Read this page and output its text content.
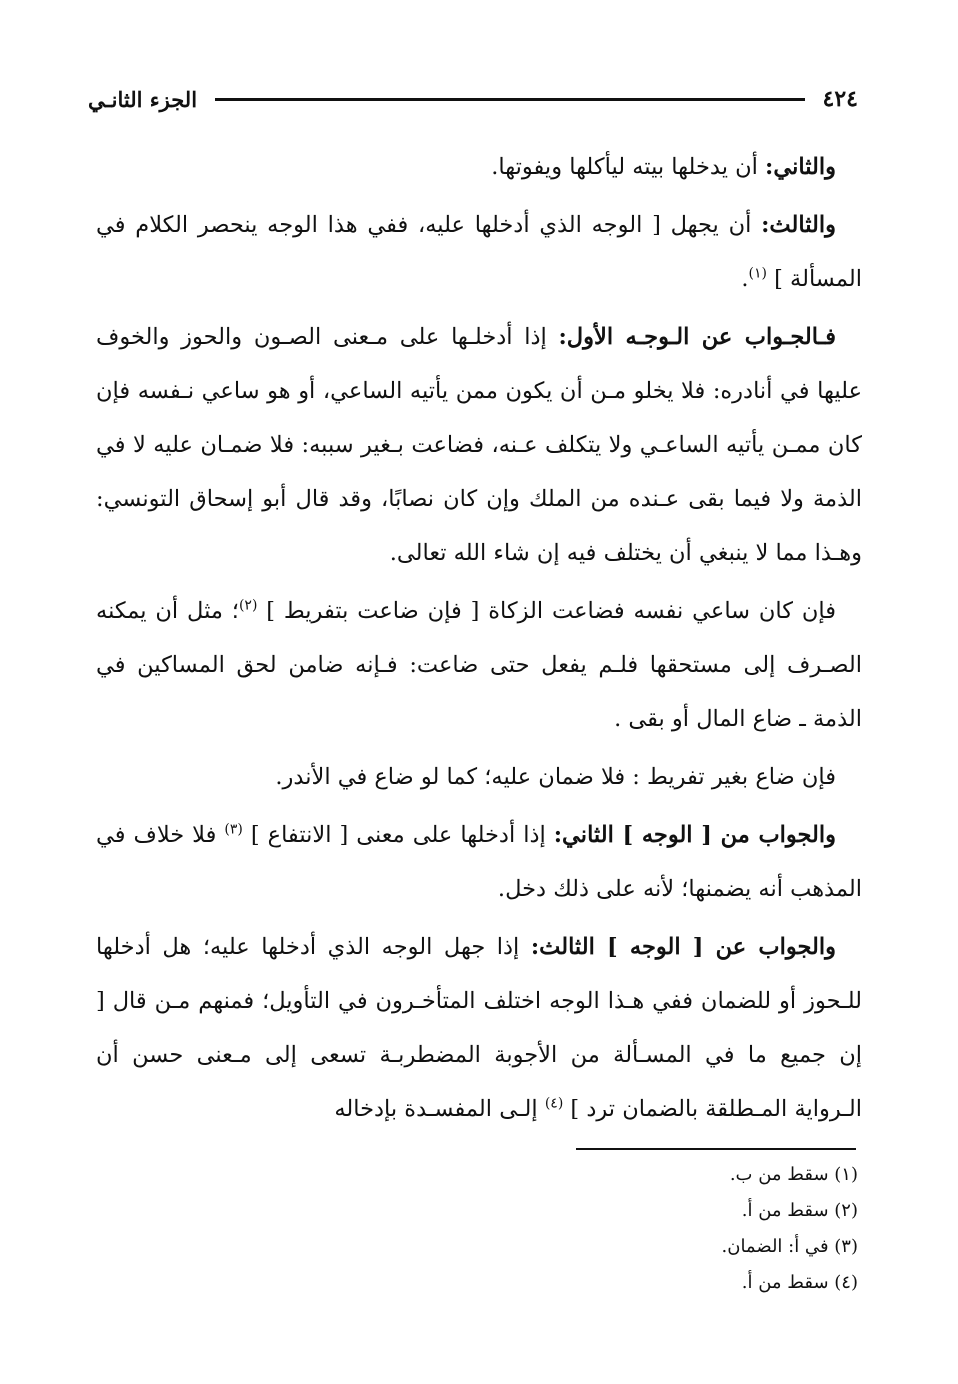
الجزء الثانـي	٤٢٤

والثاني: أن يدخلها بيته ليأكلها ويفوتها.

والثالث: أن يجهل [ الوجه الذي أدخلها عليه، ففي هذا الوجه ينحصر الكلام في المسألة ] $^{(١)}$.

فـالجـواب عن الـوجـه الأول: إذا أدخلـها على مـعنى الصـون والحوز والخوف عليها في أنادره: فلا يخلو مـن أن يكون ممن يأتيه الساعي، أو هو ساعي نـفسه فإن كان ممـن يأتيه الساعـي ولا يتكلف عـنه، فضاعت بـغير سببه: فلا ضمـان عليه لا في الذمة ولا فيما بقى عـنده من الملك وإن كان نصابًا، وقد قال أبو إسحاق التونسي: وهـذا مما لا ينبغي أن يختلف فيه إن شاء الله تعالى.

فإن كان ساعي نفسه فضاعت الزكاة [ فإن ضاعت بتفريط ] $^{(٢)}$؛ مثل أن يمكنه الصـرف إلى مستحقها فلـم يفعل حتى ضاعت: فـإنه ضامن لحق المساكين في الذمة ـ ضاع المال أو بقى .

فإن ضاع بغير تفريط : فلا ضمان عليه؛ كما لو ضاع في الأندر.

والجواب من [ الوجه ] الثاني: إذا أدخلها على معنى [ الانتفاع ] $^{(٣)}$ فلا خلاف في المذهب أنه يضمنها؛ لأنه على ذلك دخل.

والجواب عن [ الوجه ] الثالث: إذا جهل الوجه الذي أدخلها عليه؛ هل أدخلها للـحوز أو للضمان ففي هـذا الوجه اختلف المتأخـرون في التأويل؛ فمنهم مـن قال [ إن جميع ما في المسـألة من الأجوبة المضطربـة تسعى إلى مـعنى حسن أن الـرواية المـطلقة بالضمان ترد ] $^{(٤)}$ إلـى المفسـدة بإدخاله

(١) سقط من ب.
(٢) سقط من أ.
(٣) في أ: الضمان.
(٤) سقط من أ.
